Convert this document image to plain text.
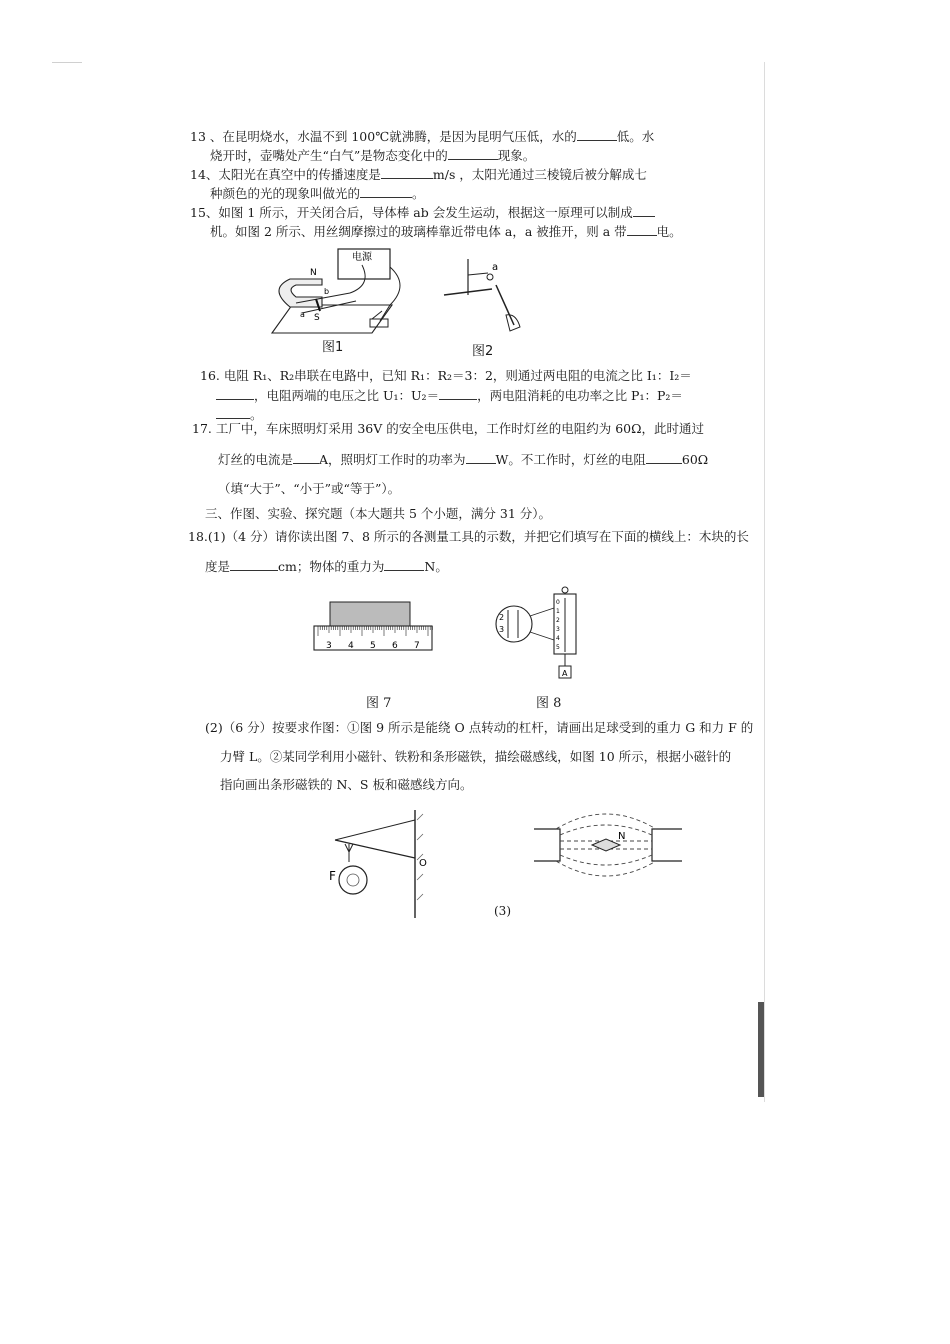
13 、在昆明烧水，水温不到 100℃就沸腾，是因为昆明气压低，水的	低。水
烧开时，壶嘴处产生“白气”是物态变化中的	现象。
14、太阳光在真空中的传播速度是	m/s ，太阳光通过三棱镜后被分解成七
种颜色的光的现象叫做光的	。
15、如图 1 所示，开关闭合后，导体棒 ab 会发生运动，根据这一原理可以制成
机。如图 2 所示、用丝绸摩擦过的玻璃棒靠近带电体 a，a 被推开，则 a 带 电。
电源
N
S
a
b
图1
a
图2
16. 电阻 R₁、R₂串联在电路中，已知 R₁：R₂＝3：2，则通过两电阻的电流之比 I₁：I₂＝
，电阻两端的电压之比 U₁：U₂＝	，两电阻消耗的电功率之比 P₁：P₂＝
。
17. 工厂中，车床照明灯采用 36V 的安全电压供电，工作时灯丝的电阻约为 60Ω，此时通过
灯丝的电流是 A，照明灯工作时的功率为 W。不工作时，灯丝的电阻	60Ω
（填“大于”、“小于”或“等于”）。
三、作图、实验、探究题（本大题共 5 个小题，满分 31 分）。
18.(1)（4 分）请你读出图 7、8 所示的各测量工具的示数，并把它们填写在下面的横线上：木块的长
度是	cm；物体的重力为	N。
3 4 5 6 7
图 7
2
3
0
1
2
3
4
5
A
图 8
(2)（6 分）按要求作图：①图 9 所示是能绕 O 点转动的杠杆，请画出足球受到的重力 G 和力 F 的
力臂 L。②某同学利用小磁针、铁粉和条形磁铁，描绘磁感线，如图 10 所示，根据小磁针的
指向画出条形磁铁的 N、S 板和磁感线方向。
F
O
N
(3)
